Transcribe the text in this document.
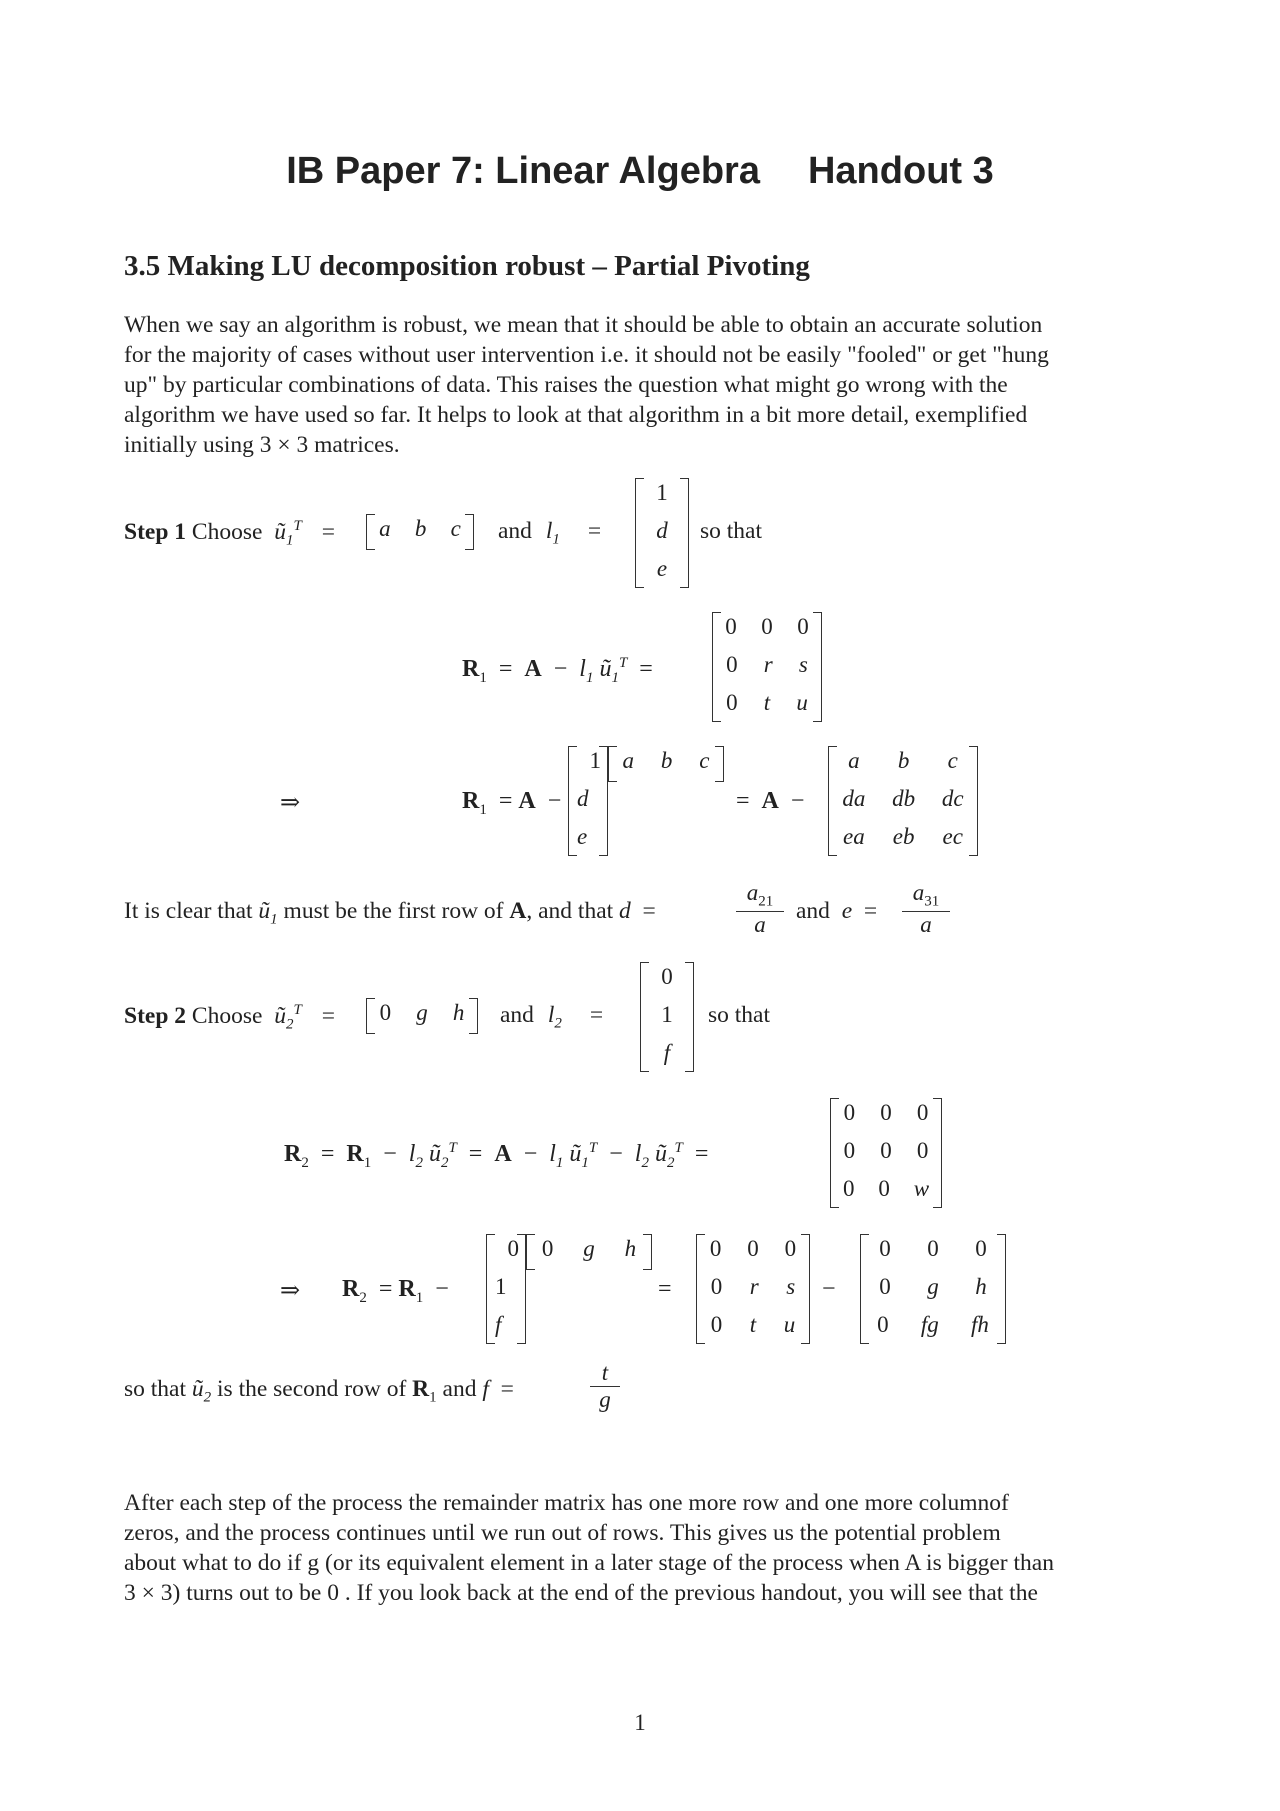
IB Paper 7: Linear Algebra Handout 3
3.5 Making LU decomposition robust – Partial Pivoting

When we say an algorithm is robust, we mean that it should be able to obtain an accurate solution

for the majority of cases without user intervention i.e. it should not be easily "fooled" or get "hung

up" by particular combinations of data. This raises the question what might go wrong with the

algorithm we have used so far. It helps to look at that algorithm in a bit more detail, exemplified

initially using 3 × 3 matrices.

Step 1 Choose $ũ_1^T = a$ b c and $l_1$ =
1
d
e
so that
$R_1 = A - l_1$ $ũ_1^T$  =
0 0 0
0 r s
0 t u
⇒	$R_1 = A$  −
1
d
e
a b c
=  A  −
a b c
da db dc
ea eb ec
It is clear that $ũ_1$ must be the first row of A, and that d  =	$\frac{a_{21}}{a}$ and $e = \frac{a_{31}}{a}$
Step 2 Choose $ũ_2^T = 0$ g h and $l_2$ =
0
1
f
so that
$R_2 = R_1 - l_2$ $ũ_2^T = A - l_1$ $ũ_1^T - l_2$ $ũ_2^T$  =
0 0 0
0 0 0
0 0 w
⇒ $R_2 = R_1$  −
0
1
f
0 g h
=
0 0 0
0 r s
0 t u
−
0 0 0
0 g h
0 fg fh
so that $ũ_2$ is the second row of $R_1$ and f  =	$\frac{t}{g}$

After each step of the process the remainder matrix has one more row and one more columnof

zeros, and the process continues until we run out of rows. This gives us the potential problem

about what to do if g (or its equivalent element in a later stage of the process when A is bigger than

3 × 3) turns out to be 0 . If you look back at the end of the previous handout, you will see that the

1
